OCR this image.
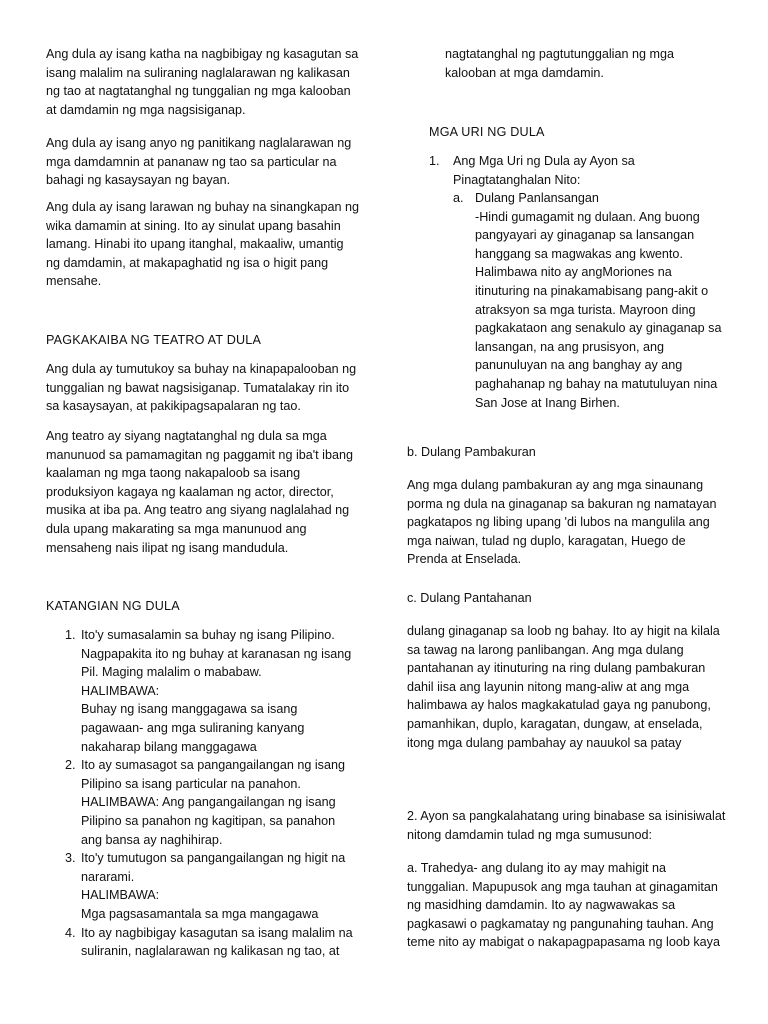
Ang dula ay isang katha na nagbibigay ng kasagutan sa
isang malalim na suliraning naglalarawan ng kalikasan
ng tao at nagtatanghal ng tunggalian ng mga kalooban
at damdamin ng mga nagsisiganap.
Ang dula ay isang anyo ng panitikang naglalarawan ng
mga damdamnin at pananaw ng tao sa particular na
bahagi ng kasaysayan ng bayan.
Ang dula ay isang larawan ng buhay na sinangkapan ng
wika damamin at sining. Ito ay sinulat upang basahin
lamang. Hinabi ito upang itanghal, makaaliw, umantig
ng damdamin, at makapaghatid ng isa o higit pang
mensahe.

PAGKAKAIBA NG TEATRO AT DULA

Ang dula ay tumutukoy sa buhay na kinapapalooban ng
tunggalian ng bawat nagsisiganap. Tumatalakay rin ito
sa kasaysayan, at pakikipagsapalaran ng tao.
Ang teatro ay siyang nagtatanghal ng dula sa mga
manunuod sa pamamagitan ng paggamit ng iba't ibang
kaalaman ng mga taong nakapaloob sa isang
produksiyon kagaya ng kaalaman ng actor, director,
musika at iba pa. Ang teatro ang siyang naglalahad ng
dula upang makarating sa mga manunuod ang
mensaheng nais ilipat ng isang mandudula.

KATANGIAN NG DULA

1. Ito'y sumasalamin sa buhay ng isang Pilipino.
Nagpapakita ito ng buhay at karanasan ng isang
Pil. Maging malalim o mababaw.
HALIMBAWA:
Buhay ng isang manggagawa sa isang
pagawaan- ang mga suliraning kanyang
nakaharap bilang manggagawa
2. Ito ay sumasagot sa pangangailangan ng isang
Pilipino sa isang particular na panahon.
HALIMBAWA: Ang pangangailangan ng isang
Pilipino sa panahon ng kagitipan, sa panahon
ang bansa ay naghihirap.
3. Ito'y tumutugon sa pangangailangan ng higit na
nararami.
HALIMBAWA:
Mga pagsasamantala sa mga mangagawa
4. Ito ay nagbibigay kasagutan sa isang malalim na
suliranin, naglalarawan ng kalikasan ng tao, at
nagtatanghal ng pagtutunggalian ng mga
kalooban at mga damdamin.

MGA URI NG DULA

1. Ang Mga Uri ng Dula ay Ayon sa
Pinagtatanghalan Nito:
a. Dulang Panlansangan
-Hindi gumagamit ng dulaan. Ang buong
pangyayari ay ginaganap sa lansangan
hanggang sa magwakas ang kwento.
Halimbawa nito ay angMoriones na
itinuturing na pinakamabisang pang-akit o
atraksyon sa mga turista. Mayroon ding
pagkakataon ang senakulo ay ginaganap sa
lansangan, na ang prusisyon, ang
panunuluyan na ang banghay ay ang
paghahanap ng bahay na matutuluyan nina
San Jose at Inang Birhen.

b. Dulang Pambakuran

Ang mga dulang pambakuran ay ang mga sinaunang
porma ng dula na ginaganap sa bakuran ng namatayan
pagkatapos ng libing upang 'di lubos na mangulila ang
mga naiwan, tulad ng duplo, karagatan, Huego de
Prenda at Enselada.

c. Dulang Pantahanan

dulang ginaganap sa loob ng bahay. Ito ay higit na kilala
sa tawag na larong panlibangan. Ang mga dulang
pantahanan ay itinuturing na ring dulang pambakuran
dahil iisa ang layunin nitong mang-aliw at ang mga
halimbawa ay halos magkakatulad gaya ng panubong,
pamanhikan, duplo, karagatan, dungaw, at enselada,
itong mga dulang pambahay ay nauukol sa patay
2. Ayon sa pangkalahatang uring binabase sa isinisiwalat
nitong damdamin tulad ng mga sumusunod:
a. Trahedya- ang dulang ito ay may mahigit na
tunggalian. Mapupusok ang mga tauhan at ginagamitan
ng masidhing damdamin. Ito ay nagwawakas sa
pagkasawi o pagkamatay ng pangunahing tauhan. Ang
teme nito ay mabigat o nakapagpapasama ng loob kaya
